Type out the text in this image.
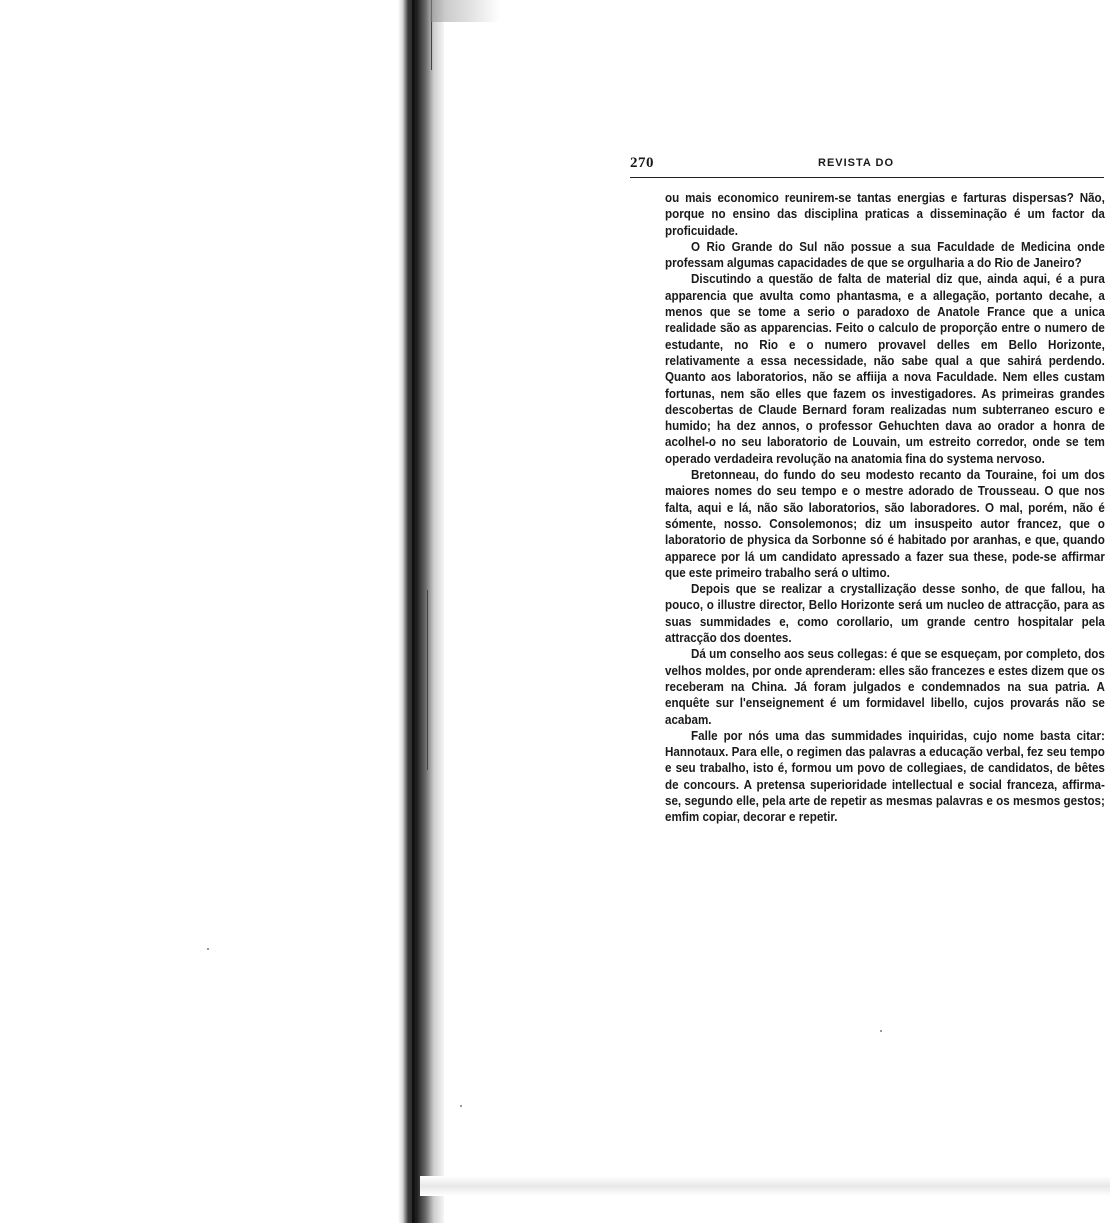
270	REVISTA DO

ou mais economico reunirem-se tantas energias e farturas dispersas? Não, porque no ensino das disciplina praticas a disseminação é um factor da proficuidade.

O Rio Grande do Sul não possue a sua Faculdade de Medicina onde professam algumas capacidades de que se orgulharia a do Rio de Janeiro?

Discutindo a questão de falta de material diz que, ainda aqui, é a pura apparencia que avulta como phantasma, e a allegação, portanto decahe, a menos que se tome a serio o paradoxo de Anatole France que a unica realidade são as apparencias. Feito o calculo de proporção entre o numero de estudante, no Rio e o numero provavel delles em Bello Horizonte, relativamente a essa necessidade, não sabe qual a que sahirá perdendo. Quanto aos laboratorios, não se affiija a nova Faculdade. Nem elles custam fortunas, nem são elles que fazem os investigadores. As primeiras grandes descobertas de Claude Bernard foram realizadas num subterraneo escuro e humido; ha dez annos, o professor Gehuchten dava ao orador a honra de acolhel-o no seu laboratorio de Louvain, um estreito corredor, onde se tem operado verdadeira revolução na anatomia fina do systema nervoso.

Bretonneau, do fundo do seu modesto recanto da Touraine, foi um dos maiores nomes do seu tempo e o mestre adorado de Trousseau. O que nos falta, aqui e lá, não são laboratorios, são laboradores. O mal, porém, não é sómente, nosso. Consolemonos; diz um insuspeito autor francez, que o laboratorio de physica da Sorbonne só é habitado por aranhas, e que, quando apparece por lá um candidato apressado a fazer sua these, pode-se affirmar que este primeiro trabalho será o ultimo.

Depois que se realizar a crystallização desse sonho, de que fallou, ha pouco, o illustre director, Bello Horizonte será um nucleo de attracção, para as suas summidades e, como corollario, um grande centro hospitalar pela attracção dos doentes.

Dá um conselho aos seus collegas: é que se esqueçam, por completo, dos velhos moldes, por onde aprenderam: elles são francezes e estes dizem que os receberam na China. Já foram julgados e condemnados na sua patria. A enquête sur l'enseignement é um formidavel libello, cujos provarás não se acabam.

Falle por nós uma das summidades inquiridas, cujo nome basta citar: Hannotaux. Para elle, o regimen das palavras a educação verbal, fez seu tempo e seu trabalho, isto é, formou um povo de collegiaes, de candidatos, de bêtes de concours. A pretensa superioridade intellectual e social franceza, affirma-se, segundo elle, pela arte de repetir as mesmas palavras e os mesmos gestos; emfim copiar, decorar e repetir.
